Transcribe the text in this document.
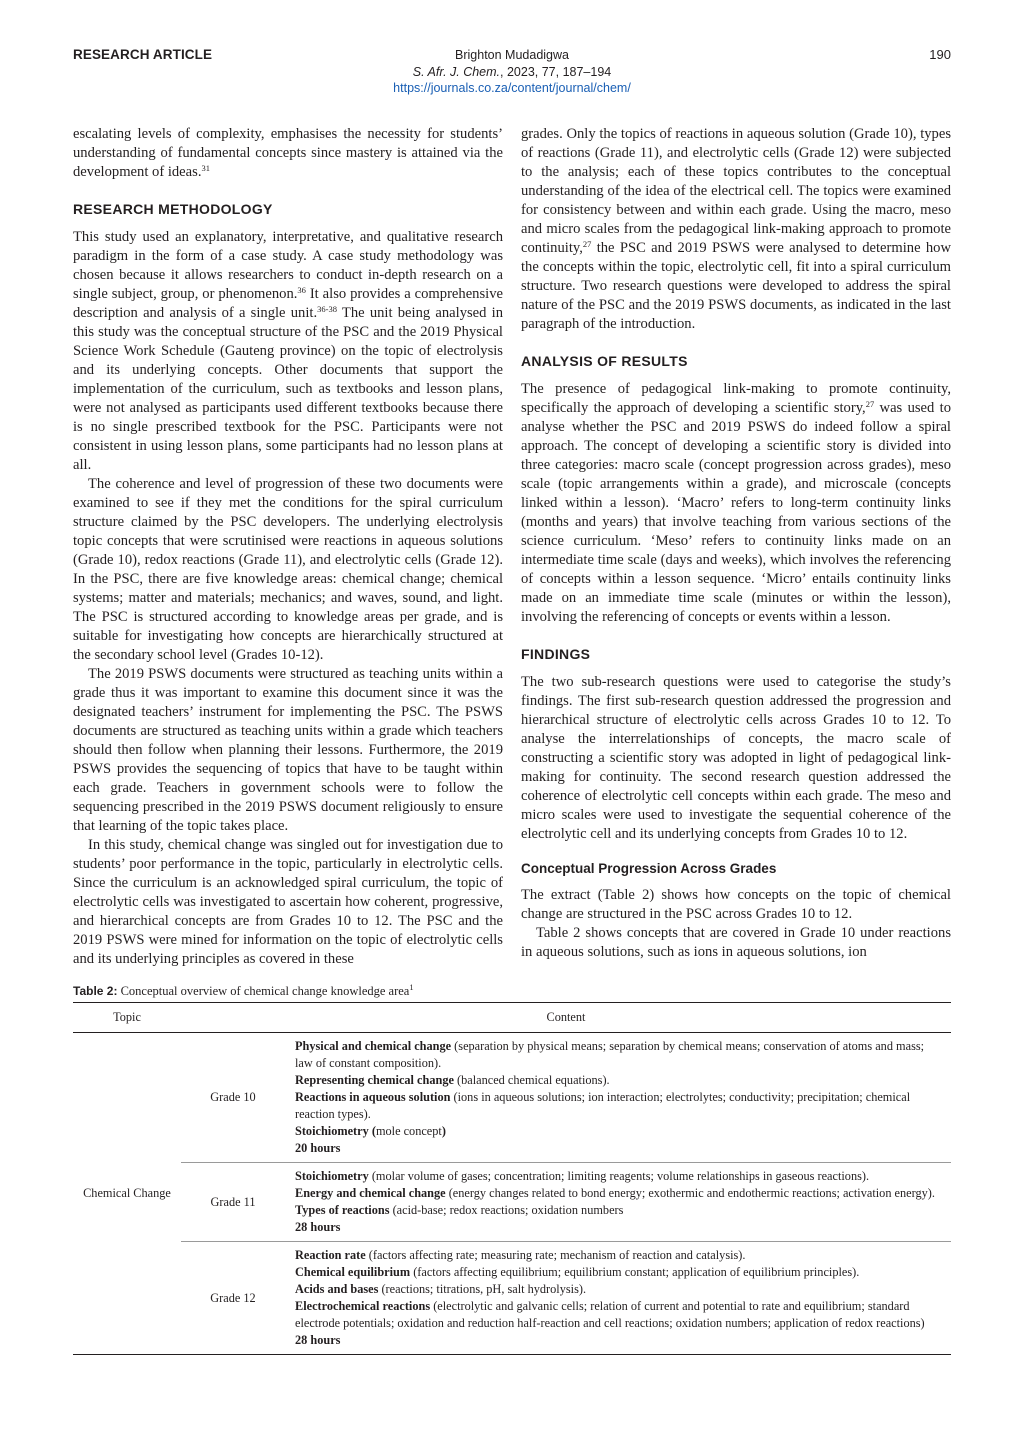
RESEARCH ARTICLE	Brighton Mudadigwa
S. Afr. J. Chem., 2023, 77, 187–194
https://journals.co.za/content/journal/chem/
190

escalating levels of complexity, emphasises the necessity for students’ understanding of fundamental concepts since mastery is attained via the development of ideas.$^{31}$

RESEARCH METHODOLOGY

This study used an explanatory, interpretative, and qualitative research paradigm in the form of a case study. A case study methodology was chosen because it allows researchers to conduct in-depth research on a single subject, group, or phenomenon.$^{36}$ It also provides a comprehensive description and analysis of a single unit.$^{36-38}$ The unit being analysed in this study was the conceptual structure of the PSC and the 2019 Physical Science Work Schedule (Gauteng province) on the topic of electrolysis and its underlying concepts. Other documents that support the implementation of the curriculum, such as textbooks and lesson plans, were not analysed as participants used different textbooks because there is no single prescribed textbook for the PSC. Participants were not consistent in using lesson plans, some participants had no lesson plans at all.

The coherence and level of progression of these two documents were examined to see if they met the conditions for the spiral curriculum structure claimed by the PSC developers. The underlying electrolysis topic concepts that were scrutinised were reactions in aqueous solutions (Grade 10), redox reactions (Grade 11), and electrolytic cells (Grade 12). In the PSC, there are five knowledge areas: chemical change; chemical systems; matter and materials; mechanics; and waves, sound, and light. The PSC is structured according to knowledge areas per grade, and is suitable for investigating how concepts are hierarchically structured at the secondary school level (Grades 10-12).

The 2019 PSWS documents were structured as teaching units within a grade thus it was important to examine this document since it was the designated teachers’ instrument for implementing the PSC. The PSWS documents are structured as teaching units within a grade which teachers should then follow when planning their lessons. Furthermore, the 2019 PSWS provides the sequencing of topics that have to be taught within each grade. Teachers in government schools were to follow the sequencing prescribed in the 2019 PSWS document religiously to ensure that learning of the topic takes place.

In this study, chemical change was singled out for investigation due to students’ poor performance in the topic, particularly in electrolytic cells. Since the curriculum is an acknowledged spiral curriculum, the topic of electrolytic cells was investigated to ascertain how coherent, progressive, and hierarchical concepts are from Grades 10 to 12. The PSC and the 2019 PSWS were mined for information on the topic of electrolytic cells and its underlying principles as covered in these

grades. Only the topics of reactions in aqueous solution (Grade 10), types of reactions (Grade 11), and electrolytic cells (Grade 12) were subjected to the analysis; each of these topics contributes to the conceptual understanding of the idea of the electrical cell. The topics were examined for consistency between and within each grade. Using the macro, meso and micro scales from the pedagogical link-making approach to promote continuity,$^{27}$ the PSC and 2019 PSWS were analysed to determine how the concepts within the topic, electrolytic cell, fit into a spiral curriculum structure. Two research questions were developed to address the spiral nature of the PSC and the 2019 PSWS documents, as indicated in the last paragraph of the introduction.

ANALYSIS OF RESULTS

The presence of pedagogical link-making to promote continuity, specifically the approach of developing a scientific story,$^{27}$ was used to analyse whether the PSC and 2019 PSWS do indeed follow a spiral approach. The concept of developing a scientific story is divided into three categories: macro scale (concept progression across grades), meso scale (topic arrangements within a grade), and microscale (concepts linked within a lesson). ‘Macro’ refers to long-term continuity links (months and years) that involve teaching from various sections of the science curriculum. ‘Meso’ refers to continuity links made on an intermediate time scale (days and weeks), which involves the referencing of concepts within a lesson sequence. ‘Micro’ entails continuity links made on an immediate time scale (minutes or within the lesson), involving the referencing of concepts or events within a lesson.

FINDINGS

The two sub-research questions were used to categorise the study’s findings. The first sub-research question addressed the progression and hierarchical structure of electrolytic cells across Grades 10 to 12. To analyse the interrelationships of concepts, the macro scale of constructing a scientific story was adopted in light of pedagogical link-making for continuity. The second research question addressed the coherence of electrolytic cell concepts within each grade. The meso and micro scales were used to investigate the sequential coherence of the electrolytic cell and its underlying concepts from Grades 10 to 12.

Conceptual Progression Across Grades

The extract (Table 2) shows how concepts on the topic of chemical change are structured in the PSC across Grades 10 to 12.

Table 2 shows concepts that are covered in Grade 10 under reactions in aqueous solutions, such as ions in aqueous solutions, ion

Table 2: Conceptual overview of chemical change knowledge area$^1$
Topic	Content	
Chemical Change	Grade 10	Physical and chemical change (separation by physical means; separation by chemical means; conservation of atoms and mass; law of constant composition).
Representing chemical change (balanced chemical equations).
Reactions in aqueous solution (ions in aqueous solutions; ion interaction; electrolytes; conductivity; precipitation; chemical reaction types).
Stoichiometry (mole concept)
20 hours

	Grade 11	Stoichiometry (molar volume of gases; concentration; limiting reagents; volume relationships in gaseous reactions).
Energy and chemical change (energy changes related to bond energy; exothermic and endothermic reactions; activation energy).
Types of reactions (acid-base; redox reactions; oxidation numbers
28 hours

	Grade 12	Reaction rate (factors affecting rate; measuring rate; mechanism of reaction and catalysis).
Chemical equilibrium (factors affecting equilibrium; equilibrium constant; application of equilibrium principles).
Acids and bases (reactions; titrations, pH, salt hydrolysis).
Electrochemical reactions (electrolytic and galvanic cells; relation of current and potential to rate and equilibrium; standard electrode potentials; oxidation and reduction half-reaction and cell reactions; oxidation numbers; application of redox reactions)
28 hours
